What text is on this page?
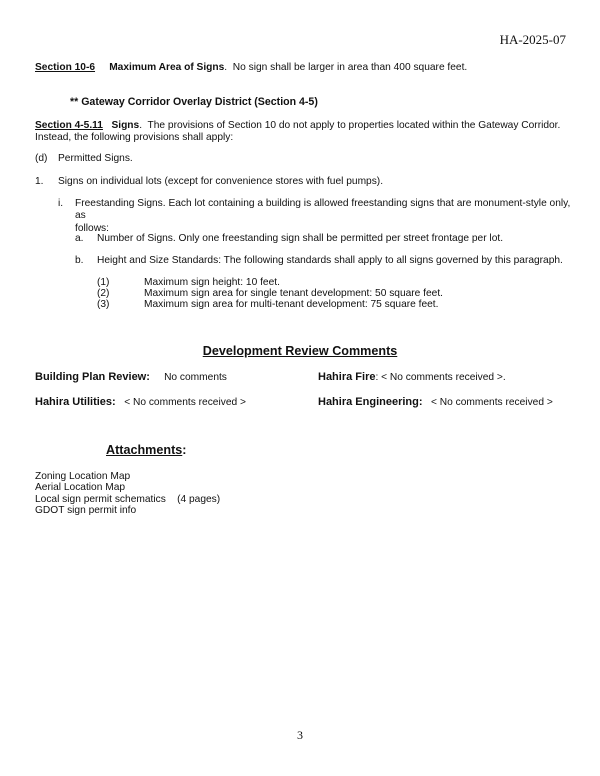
HA-2025-07
Section 10-6 Maximum Area of Signs.  No sign shall be larger in area than 400 square feet.
** Gateway Corridor Overlay District (Section 4-5)
Section 4-5.11 Signs.  The provisions of Section 10 do not apply to properties located within the Gateway Corridor.
Instead, the following provisions shall apply:
(d) Permitted Signs.
1. Signs on individual lots (except for convenience stores with fuel pumps).
i. Freestanding Signs. Each lot containing a building is allowed freestanding signs that are monument-style only, as
follows:
a. Number of Signs. Only one freestanding sign shall be permitted per street frontage per lot.
b. Height and Size Standards: The following standards shall apply to all signs governed by this paragraph.
(1)	Maximum sign height: 10 feet.
(2)	Maximum sign area for single tenant development: 50 square feet.
(3)	Maximum sign area for multi-tenant development: 75 square feet.
Development Review Comments
Building Plan Review: No comments	Hahira Fire: < No comments received >.
Hahira Utilities: < No comments received >	Hahira Engineering: < No comments received >
Attachments:
Zoning Location Map
Aerial Location Map
Local sign permit schematics    (4 pages)
GDOT sign permit info
3
